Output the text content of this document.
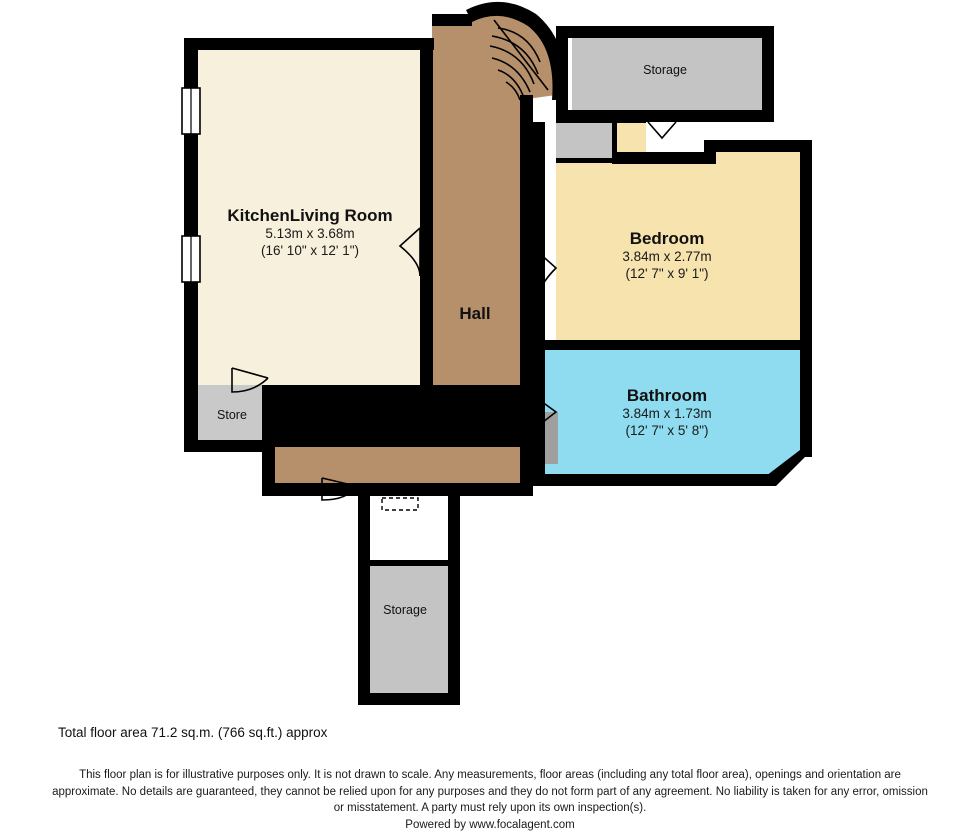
KitchenLiving Room
5.13m x 3.68m
(16' 10" x 12' 1")
Hall
Bedroom
3.84m x 2.77m
(12' 7" x 9' 1")
Bathroom
3.84m x 1.73m
(12' 7" x 5' 8")
Store
Storage
Storage
Total floor area 71.2 sq.m. (766 sq.ft.) approx
This floor plan is for illustrative purposes only. It is not drawn to scale. Any measurements, floor areas (including any total floor area), openings and orientation are
approximate. No details are guaranteed, they cannot be relied upon for any purposes and they do not form part of any agreement. No liability is taken for any error, omission
or misstatement. A party must rely upon its own inspection(s).
Powered by www.focalagent.com
